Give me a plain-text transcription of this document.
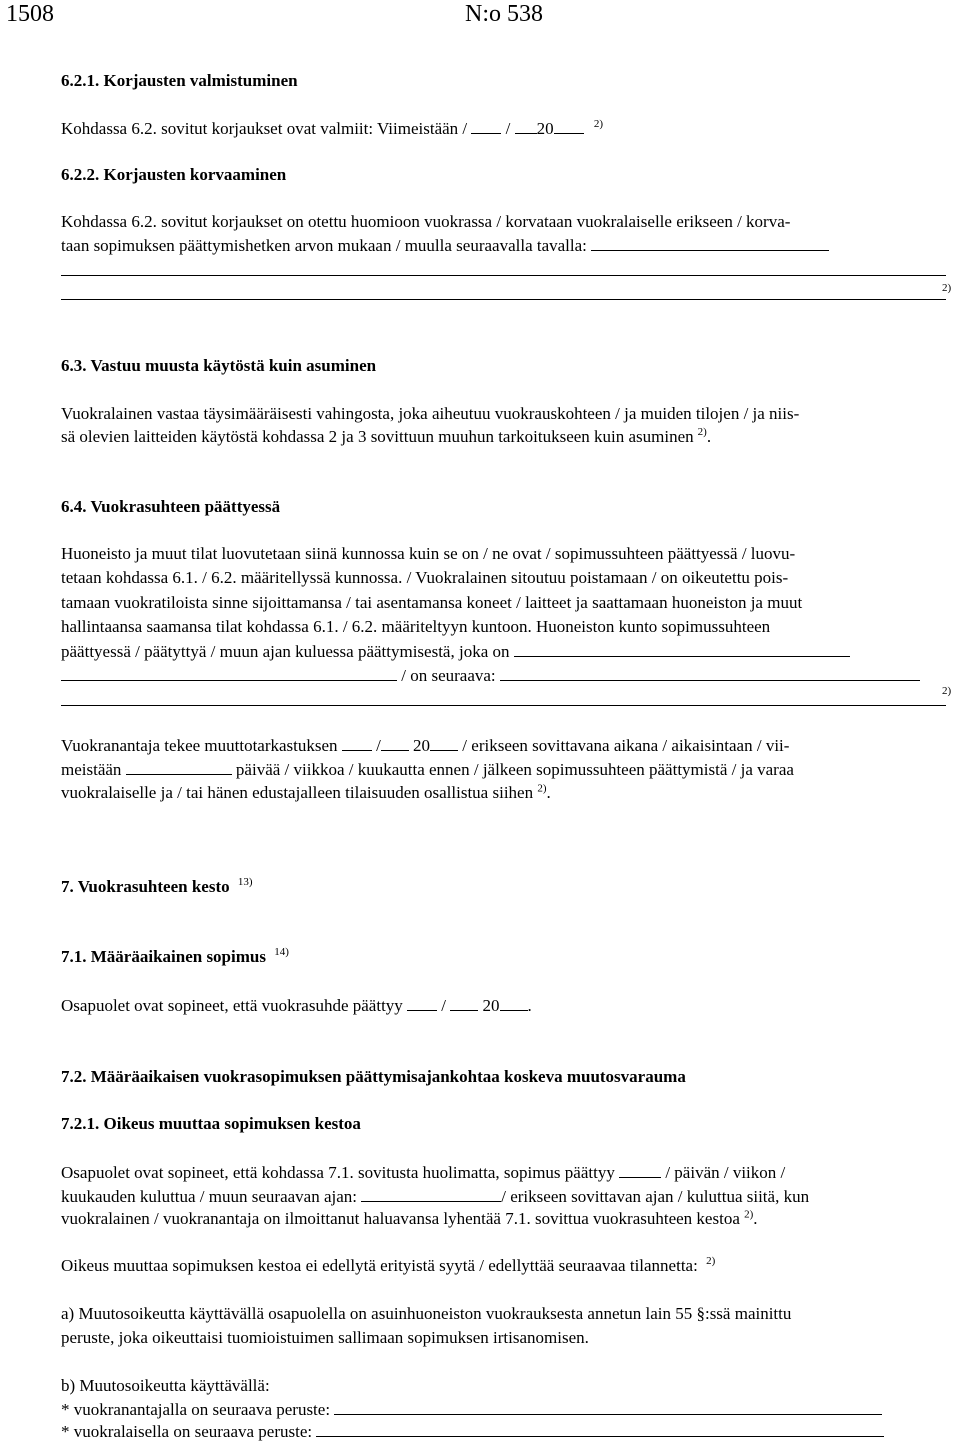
1508	N:o 538
6.2.1. Korjausten valmistuminen
Kohdassa 6.2. sovitut korjaukset ovat valmiit: Viimeistään / / 20	$^{2)}$
6.2.2. Korjausten korvaaminen
Kohdassa 6.2. sovitut korjaukset on otettu huomioon vuokrassa / korvataan vuokralaiselle erikseen / korva-
taan sopimuksen päättymishetken arvon mukaan / muulla seuraavalla tavalla:
2)
6.3. Vastuu muusta käytöstä kuin asuminen
Vuokralainen vastaa täysimääräisesti vahingosta, joka aiheutuu vuokrauskohteen / ja muiden tilojen / ja niis-
sä olevien laitteiden käytöstä kohdassa 2 ja 3 sovittuun muuhun tarkoitukseen kuin asuminen $^{2)}$.
6.4. Vuokrasuhteen päättyessä
Huoneisto ja muut tilat luovutetaan siinä kunnossa kuin se on / ne ovat / sopimussuhteen päättyessä / luovu-
tetaan kohdassa 6.1. / 6.2. määritellyssä kunnossa. / Vuokralainen sitoutuu poistamaan / on oikeutettu pois-
tamaan vuokratiloista sinne sijoittamansa / tai asentamansa koneet / laitteet ja saattamaan huoneiston ja muut
hallintaansa saamansa tilat kohdassa 6.1. / 6.2. määriteltyyn kuntoon. Huoneiston kunto sopimussuhteen
päättyessä / päätyttyä / muun ajan kuluessa päättymisestä, joka on
/ on seuraava:
2)
Vuokranantaja tekee muuttotarkastuksen / 20 / erikseen sovittavana aikana / aikaisintaan / vii-
meistään	päivää / viikkoa / kuukautta ennen / jälkeen sopimussuhteen päättymistä / ja varaa
vuokralaiselle ja / tai hänen edustajalleen tilaisuuden osallistua siihen $^{2)}$.
7. Vuokrasuhteen kesto $^{13)}$
7.1. Määräaikainen sopimus $^{14)}$
Osapuolet ovat sopineet, että vuokrasuhde päättyy / 20 .
7.2. Määräaikaisen vuokrasopimuksen päättymisajankohtaa koskeva muutosvarauma
7.2.1. Oikeus muuttaa sopimuksen kestoa
Osapuolet ovat sopineet, että kohdassa 7.1. sovitusta huolimatta, sopimus päättyy	/ päivän / viikon /
kuukauden kuluttua / muun seuraavan ajan:	/ erikseen sovittavan ajan / kuluttua siitä, kun
vuokralainen / vuokranantaja on ilmoittanut haluavansa lyhentää 7.1. sovittua vuokrasuhteen kestoa $^{2)}$.
Oikeus muuttaa sopimuksen kestoa ei edellytä erityistä syytä / edellyttää seuraavaa tilannetta: $^{2)}$
a) Muutosoikeutta käyttävällä osapuolella on asuinhuoneiston vuokrauksesta annetun lain 55 §:ssä mainittu
peruste, joka oikeuttaisi tuomioistuimen sallimaan sopimuksen irtisanomisen.
b) Muutosoikeutta käyttävällä:
* vuokranantajalla on seuraava peruste:
* vuokralaisella on seuraava peruste:
